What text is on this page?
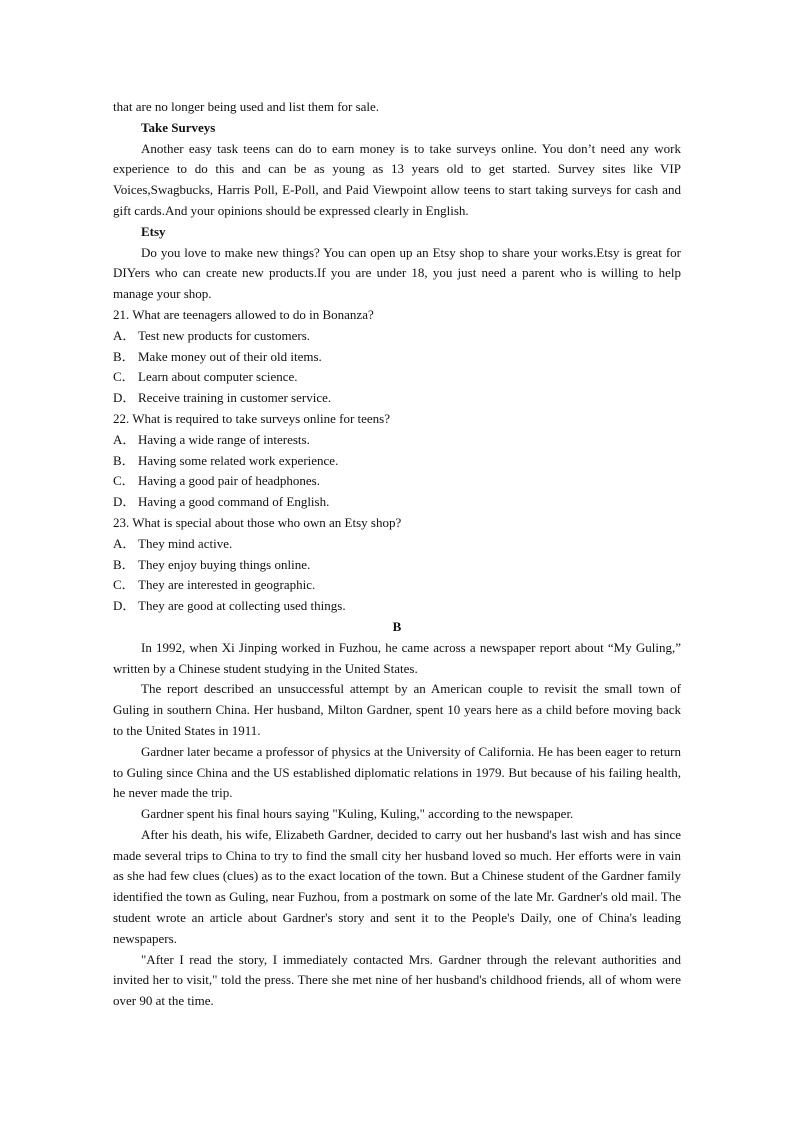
that are no longer being used and list them for sale.

Take Surveys

Another easy task teens can do to earn money is to take surveys online. You don’t need any work experience to do this and can be as young as 13 years old to get started. Survey sites like VIP Voices,Swagbucks, Harris Poll, E-Poll, and Paid Viewpoint allow teens to start taking surveys for cash and gift cards.And your opinions should be expressed clearly in English.

Etsy

Do you love to make new things? You can open up an Etsy shop to share your works.Etsy is great for DIYers who can create new products.If you are under 18, you just need a parent who is willing to help manage your shop.

21. What are teenagers allowed to do in Bonanza?

A． Test new products for customers.

B． Make money out of their old items.

C． Learn about computer science.

D． Receive training in customer service.

22. What is required to take surveys online for teens?

A． Having a wide range of interests.

B． Having some related work experience.

C． Having a good pair of headphones.

D． Having a good command of English.

23. What is special about those who own an Etsy shop?

A． They mind active.

B． They enjoy buying things online.

C． They are interested in geographic.

D． They are good at collecting used things.

B

In 1992, when Xi Jinping worked in Fuzhou, he came across a newspaper report about “My Guling,” written by a Chinese student studying in the United States.

The report described an unsuccessful attempt by an American couple to revisit the small town of Guling in southern China. Her husband, Milton Gardner, spent 10 years here as a child before moving back to the United States in 1911.

Gardner later became a professor of physics at the University of California. He has been eager to return to Guling since China and the US established diplomatic relations in 1979. But because of his failing health, he never made the trip.

Gardner spent his final hours saying "Kuling, Kuling," according to the newspaper.

After his death, his wife, Elizabeth Gardner, decided to carry out her husband's last wish and has since made several trips to China to try to find the small city her husband loved so much. Her efforts were in vain as she had few clues (clues) as to the exact location of the town. But a Chinese student of the Gardner family identified the town as Guling, near Fuzhou, from a postmark on some of the late Mr. Gardner's old mail. The student wrote an article about Gardner's story and sent it to the People's Daily, one of China's leading newspapers.

"After I read the story, I immediately contacted Mrs. Gardner through the relevant authorities and invited her to visit," told the press. There she met nine of her husband's childhood friends, all of whom were over 90 at the time.
